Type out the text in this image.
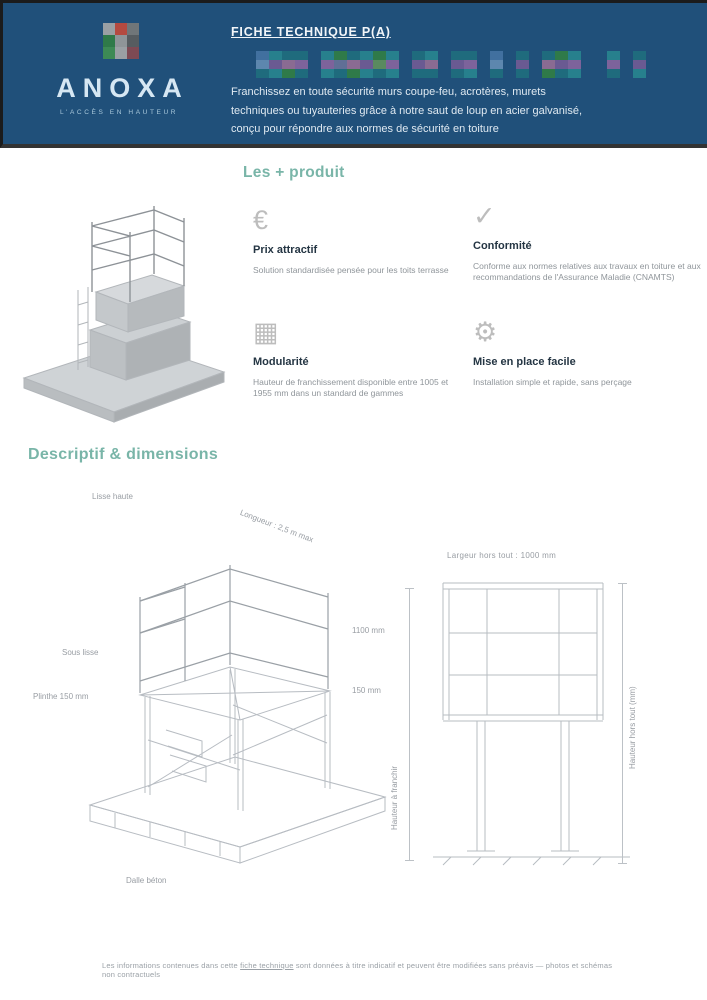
ANOXA
L'ACCÈS EN HAUTEUR
FICHE TECHNIQUE P(A)
Franchissez en toute sécurité murs coupe-feu, acrotères, murets
techniques ou tuyauteries grâce à notre saut de loup en acier galvanisé,
conçu pour répondre aux normes de sécurité en toiture
Les + produit
€
Prix attractif
Solution standardisée pensée pour les toits terrasse
✓
Conformité
Conforme aux normes relatives aux travaux en toiture et aux recommandations de l'Assurance Maladie (CNAMTS)
▦
Modularité
Hauteur de franchissement disponible entre 1005 et 1955 mm dans un standard de gammes
⚙
Mise en place facile
Installation simple et rapide, sans perçage
Descriptif & dimensions
Lisse haute
Longueur : 2,5 m max
Sous lisse
Plinthe 150 mm
1100 mm
150 mm
Dalle béton
Hauteur à franchir
Largeur hors tout : 1000 mm
Hauteur hors tout (mm)
Les informations contenues dans cette fiche technique sont données à titre indicatif et peuvent être modifiées sans préavis — photos et schémas non contractuels
